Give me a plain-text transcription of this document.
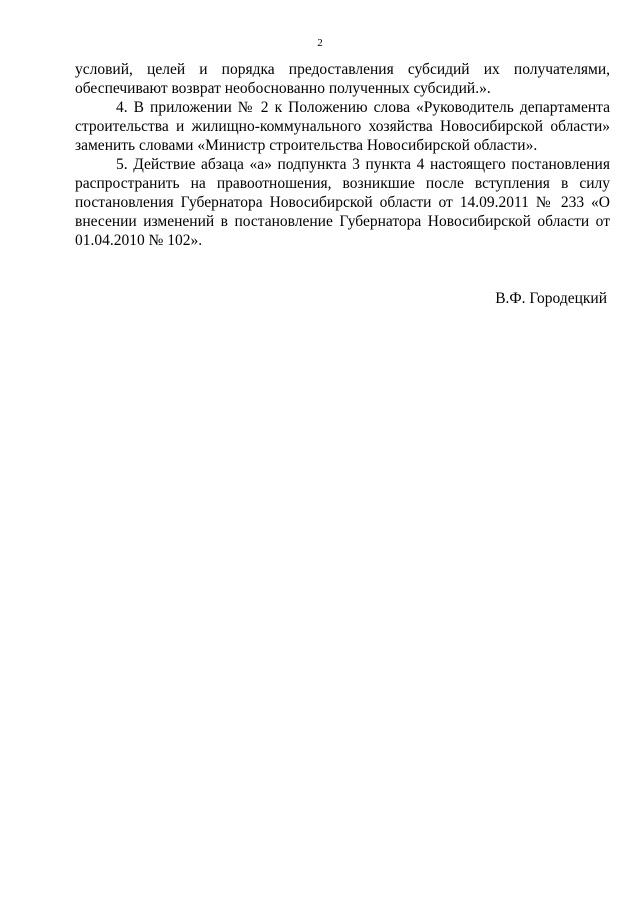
2

условий, целей и порядка предоставления субсидий их получателями, обеспечивают возврат необоснованно полученных субсидий.».

4. В приложении № 2 к Положению слова «Руководитель департамента строительства и жилищно-коммунального хозяйства Новосибирской области» заменить словами «Министр строительства Новосибирской области».

5. Действие абзаца «а» подпункта 3 пункта 4 настоящего постановления распространить на правоотношения, возникшие после вступления в силу постановления Губернатора Новосибирской области от 14.09.2011 № 233 «О внесении изменений в постановление Губернатора Новосибирской области от 01.04.2010 № 102».

В.Ф. Городецкий
